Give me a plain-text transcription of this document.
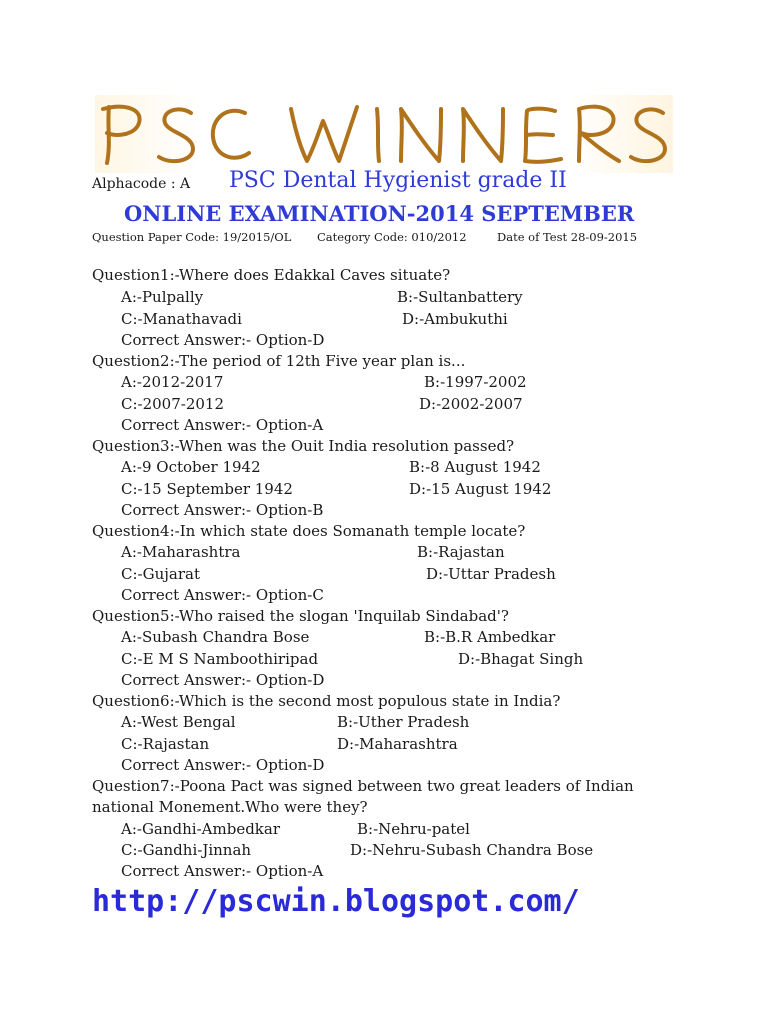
Alphacode : A PSC Dental Hygienist grade II
ONLINE EXAMINATION-2014 SEPTEMBER
Question Paper Code: 19/2015/OL Category Code: 010/2012	Date of Test 28-09-2015
Question1:-Where does Edakkal Caves situate?
A:-Pulpally	B:-Sultanbattery
C:-Manathavadi	D:-Ambukuthi
Correct Answer:- Option-D
Question2:-The period of 12th Five year plan is...
A:-2012-2017	B:-1997-2002
C:-2007-2012	D:-2002-2007
Correct Answer:- Option-A
Question3:-When was the Ouit India resolution passed?
A:-9 October 1942	B:-8 August 1942
C:-15 September 1942	D:-15 August 1942
Correct Answer:- Option-B
Question4:-In which state does Somanath temple locate?
A:-Maharashtra	B:-Rajastan
C:-Gujarat	D:-Uttar Pradesh
Correct Answer:- Option-C
Question5:-Who raised the slogan 'Inquilab Sindabad'?
A:-Subash Chandra Bose	B:-B.R Ambedkar
C:-E M S Namboothiripad	D:-Bhagat Singh
Correct Answer:- Option-D
Question6:-Which is the second most populous state in India?
A:-West Bengal	B:-Uther Pradesh
C:-Rajastan	D:-Maharashtra
Correct Answer:- Option-D
Question7:-Poona Pact was signed between two great leaders of Indian
national Monement.Who were they?
A:-Gandhi-Ambedkar	B:-Nehru-patel
C:-Gandhi-Jinnah	D:-Nehru-Subash Chandra Bose
Correct Answer:- Option-A
http://pscwin.blogspot.com/
